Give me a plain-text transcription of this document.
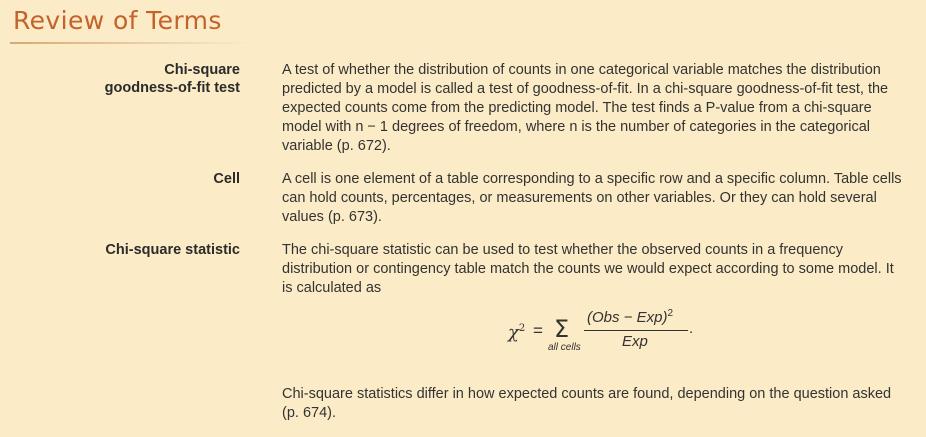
Review of Terms
Chi-square
goodness-of-fit test

A test of whether the distribution of counts in one categorical variable matches the distribution predicted by a model is called a test of goodness-of-fit. In a chi-square goodness-of-fit test, the expected counts come from the predicting model. The test finds a P-value from a chi-square model with n − 1 degrees of freedom, where n is the number of categories in the categorical variable (p. 672).

Cell	A cell is one element of a table corresponding to a specific row and a specific column. Table cells can hold counts, percentages, or measurements on other variables. Or they can hold several values (p. 673).

Chi-square statistic	The chi-square statistic can be used to test whether the observed counts in a frequency distribution or contingency table match the counts we would expect according to some model. It is calculated as

$\chi^2 = \Sigma$
all cells
(Obs − Exp)$^2$
Exp
.

Chi-square statistics differ in how expected counts are found, depending on the question asked (p. 674).
